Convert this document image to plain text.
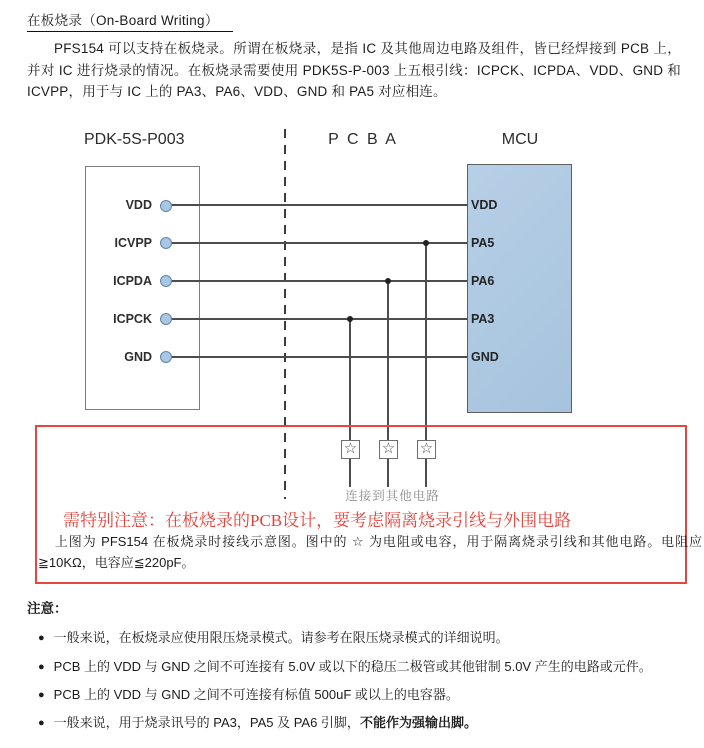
在板烧录（On-Board Writing）
PFS154 可以支持在板烧录。所谓在板烧录，是指 IC 及其他周边电路及组件，皆已经焊接到 PCB 上，并对 IC 进行烧录的情况。在板烧录需要使用 PDK5S-P-003 上五根引线：ICPCK、ICPDA、VDD、GND 和 ICVPP，用于与 IC 上的 PA3、PA6、VDD、GND 和 PA5 对应相连。
PDK-5S-P003	P C B A	MCU
VDD
ICVPP
ICPDA
ICPCK
GND
VDD
PA5
PA6
PA3
GND
☆ ☆ ☆
连接到其他电路
需特别注意：在板烧录的PCB设计，要考虑隔离烧录引线与外围电路
上图为 PFS154 在板烧录时接线示意图。图中的 ☆ 为电阻或电容，用于隔离烧录引线和其他电路。电阻应≧10KΩ，电容应≦220pF。
注意：
● 一般来说，在板烧录应使用限压烧录模式。请参考在限压烧录模式的详细说明。
● PCB 上的 VDD 与 GND 之间不可连接有 5.0V 或以下的稳压二极管或其他钳制 5.0V 产生的电路或元件。
● PCB 上的 VDD 与 GND 之间不可连接有标值 500uF 或以上的电容器。
● 一般来说，用于烧录讯号的 PA3，PA5 及 PA6 引脚，不能作为强输出脚。
